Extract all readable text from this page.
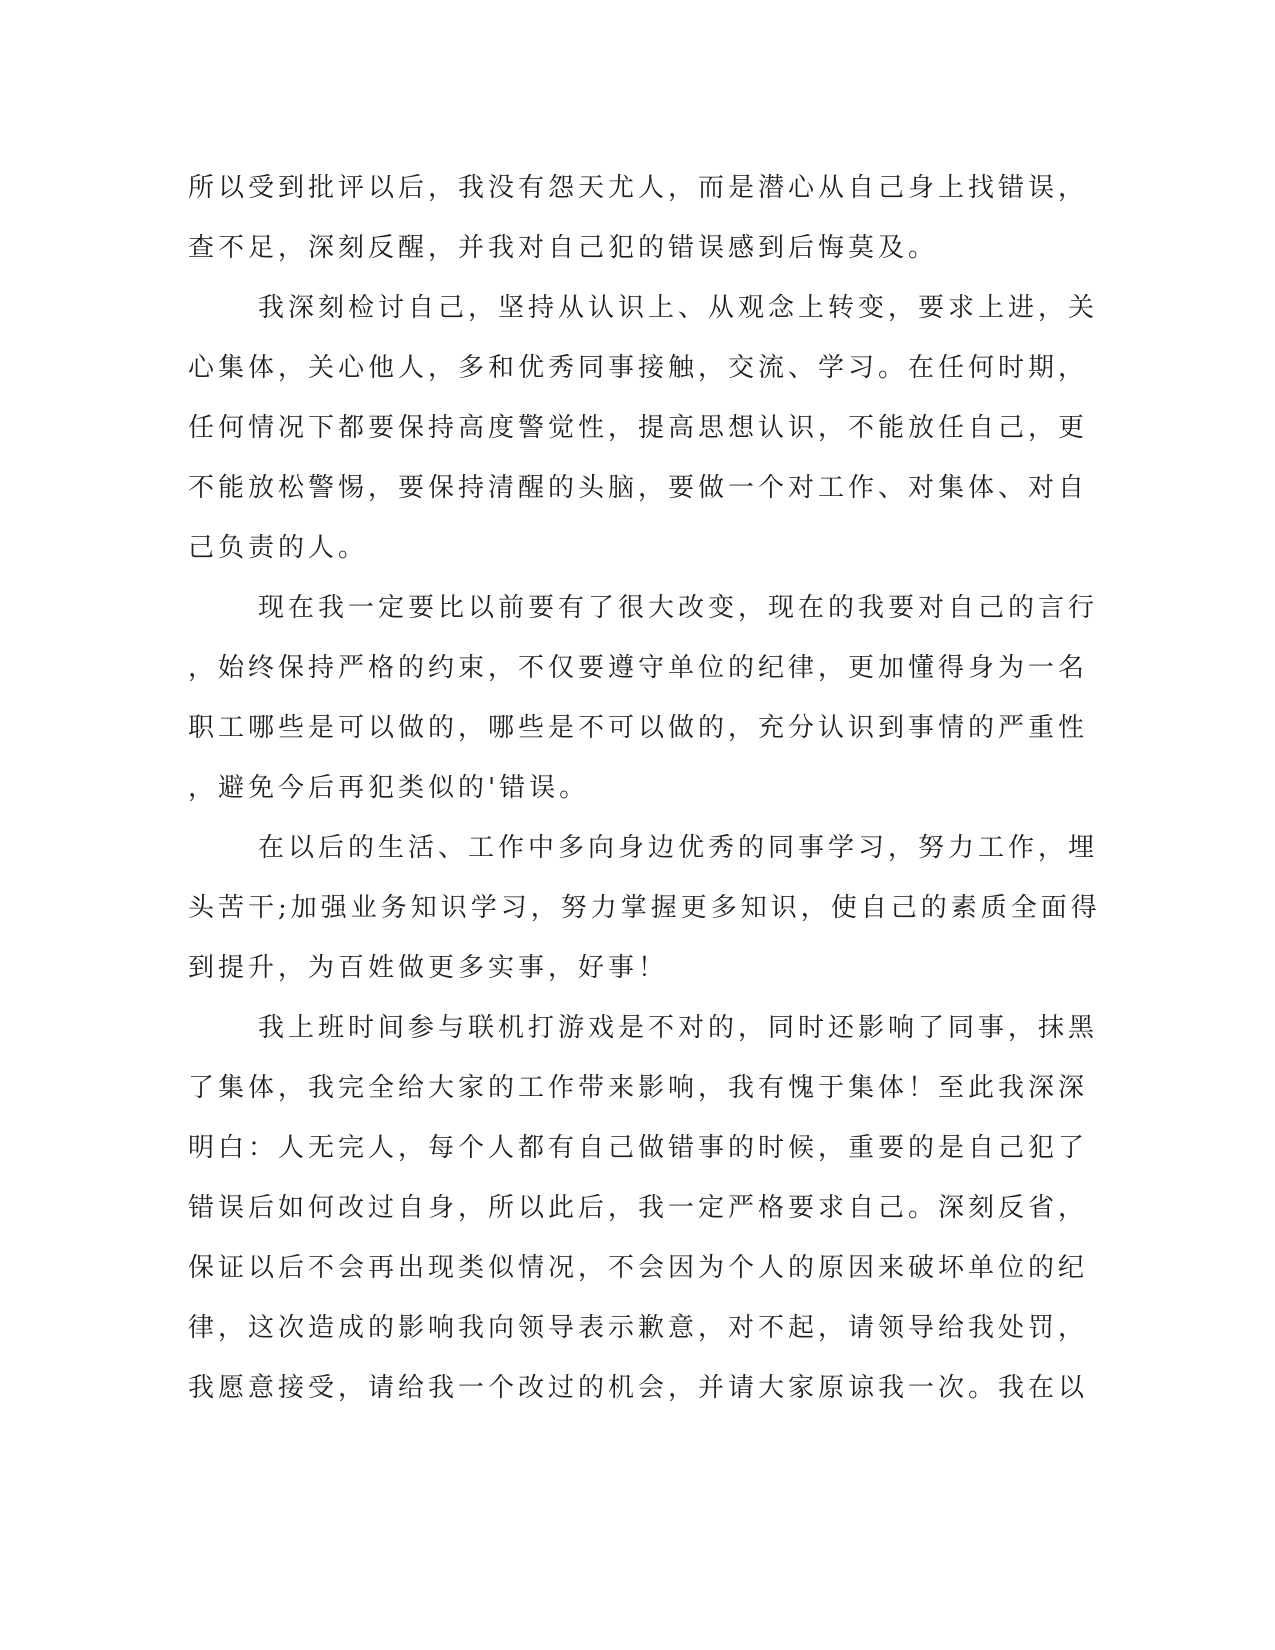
所以受到批评以后，我没有怨天尤人，而是潜心从自己身上找错误，
查不足，深刻反醒，并我对自己犯的错误感到后悔莫及。
我深刻检讨自己，坚持从认识上、从观念上转变，要求上进，关
心集体，关心他人，多和优秀同事接触，交流、学习。在任何时期，
任何情况下都要保持高度警觉性，提高思想认识，不能放任自己，更
不能放松警惕，要保持清醒的头脑，要做一个对工作、对集体、对自
己负责的人。
现在我一定要比以前要有了很大改变，现在的我要对自己的言行
，始终保持严格的约束，不仅要遵守单位的纪律，更加懂得身为一名
职工哪些是可以做的，哪些是不可以做的，充分认识到事情的严重性
，避免今后再犯类似的'错误。
在以后的生活、工作中多向身边优秀的同事学习，努力工作，埋
头苦干;加强业务知识学习，努力掌握更多知识，使自己的素质全面得
到提升，为百姓做更多实事，好事！
我上班时间参与联机打游戏是不对的，同时还影响了同事，抹黑
了集体，我完全给大家的工作带来影响，我有愧于集体！至此我深深
明白：人无完人，每个人都有自己做错事的时候，重要的是自己犯了
错误后如何改过自身，所以此后，我一定严格要求自己。深刻反省，
保证以后不会再出现类似情况，不会因为个人的原因来破坏单位的纪
律，这次造成的影响我向领导表示歉意，对不起，请领导给我处罚，
我愿意接受，请给我一个改过的机会，并请大家原谅我一次。我在以
